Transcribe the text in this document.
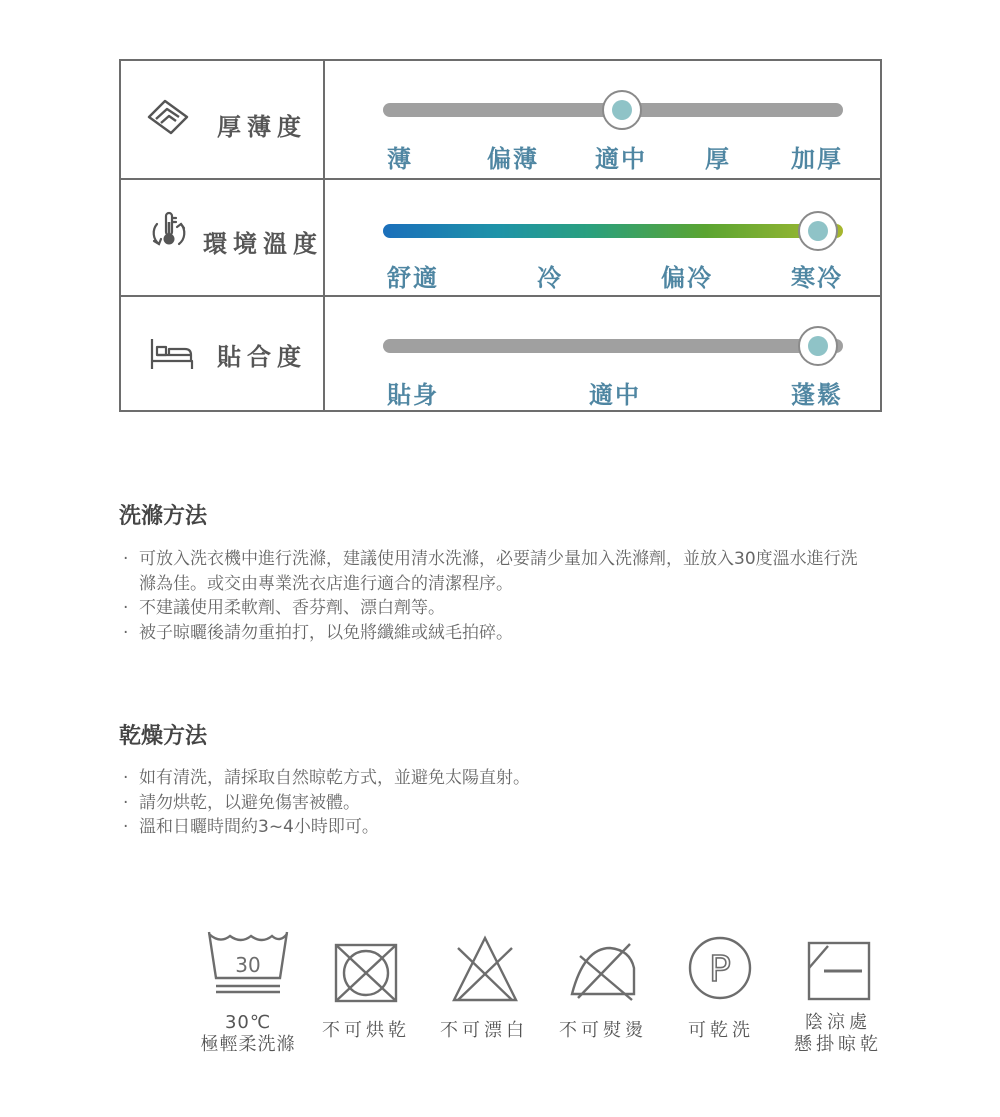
厚薄度
薄	偏薄 適中 厚	加厚
環境溫度
舒適	冷	偏冷	寒冷
貼合度
貼身	適中	蓬鬆
洗滌方法
· 可放入洗衣機中進行洗滌，建議使用清水洗滌，必要請少量加入洗滌劑，並放入30度溫水進行洗滌為佳。或交由專業洗衣店進行適合的清潔程序。
· 不建議使用柔軟劑、香芬劑、漂白劑等。
· 被子晾曬後請勿重拍打，以免將纖維或絨毛拍碎。
乾燥方法
· 如有清洗，請採取自然晾乾方式，並避免太陽直射。
· 請勿烘乾，以避免傷害被體。
· 溫和日曬時間約3~4小時即可。
30
30℃
極輕柔洗滌
不可烘乾 不可漂白 不可熨燙
P
可乾洗	陰涼處
懸掛晾乾
